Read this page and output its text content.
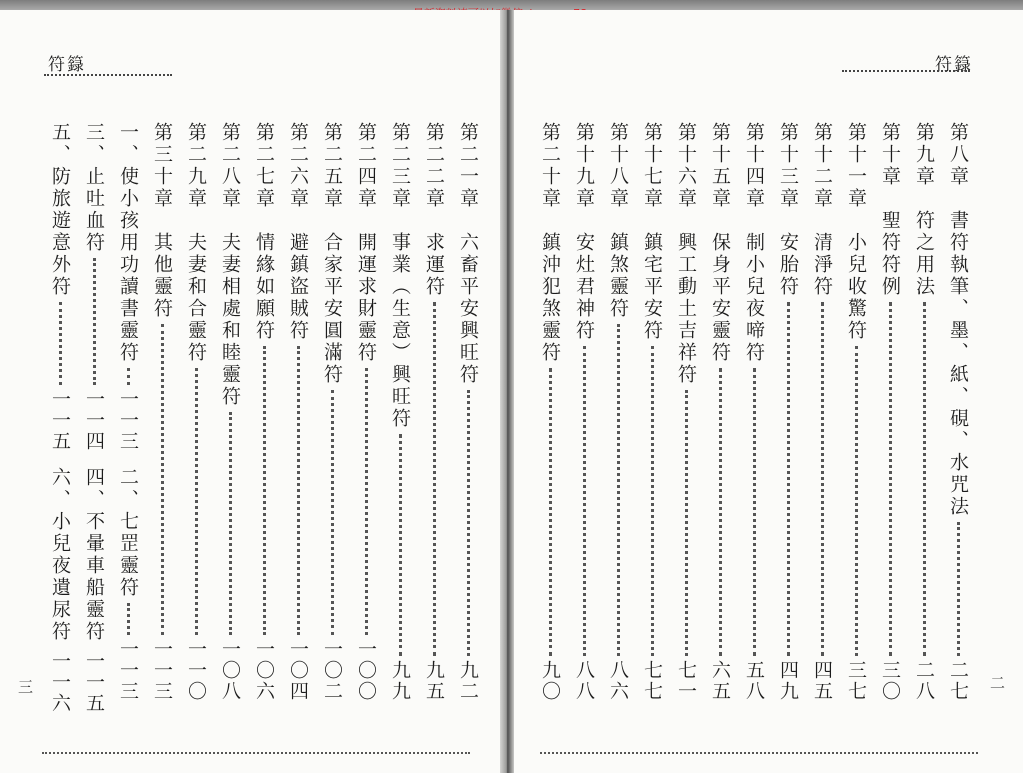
符籙	符籙
三	二
第八章　書符執筆、墨、紙、硯、水咒法
二七
第九章　符之用法
二八
第十章　聖符符例
三〇
第十一章　小兒收驚符
三七
第十二章　清淨符
四五
第十三章　安胎符
四九
第十四章　制小兒夜啼符
五八
第十五章　保身平安靈符
六五
第十六章　興工動土吉祥符
七一
第十七章　鎮宅平安符
七七
第十八章　鎮煞靈符
八六
第十九章　安灶君神符
八八
第二十章　鎮沖犯煞靈符
九〇
第二一章　六畜平安興旺符
九二
第二二章　求運符
九五
第二三章　事業︵生意︶興旺符
九九
第二四章　開運求財靈符
一〇〇
第二五章　合家平安圓滿符
一〇二
第二六章　避鎮盜賊符
一〇四
第二七章　情緣如願符
一〇六
第二八章　夫妻相處和睦靈符
一〇八
第二九章　夫妻和合靈符
一一〇
第三十章　其他靈符
一一三
一、使小孩用功讀書靈符
一一三
二、七罡靈符
一一三
三、止吐血符
一一四
四、不暈車船靈符
一一五
五、防旅遊意外符
一一五
六、小兒夜遺尿符
一一六
